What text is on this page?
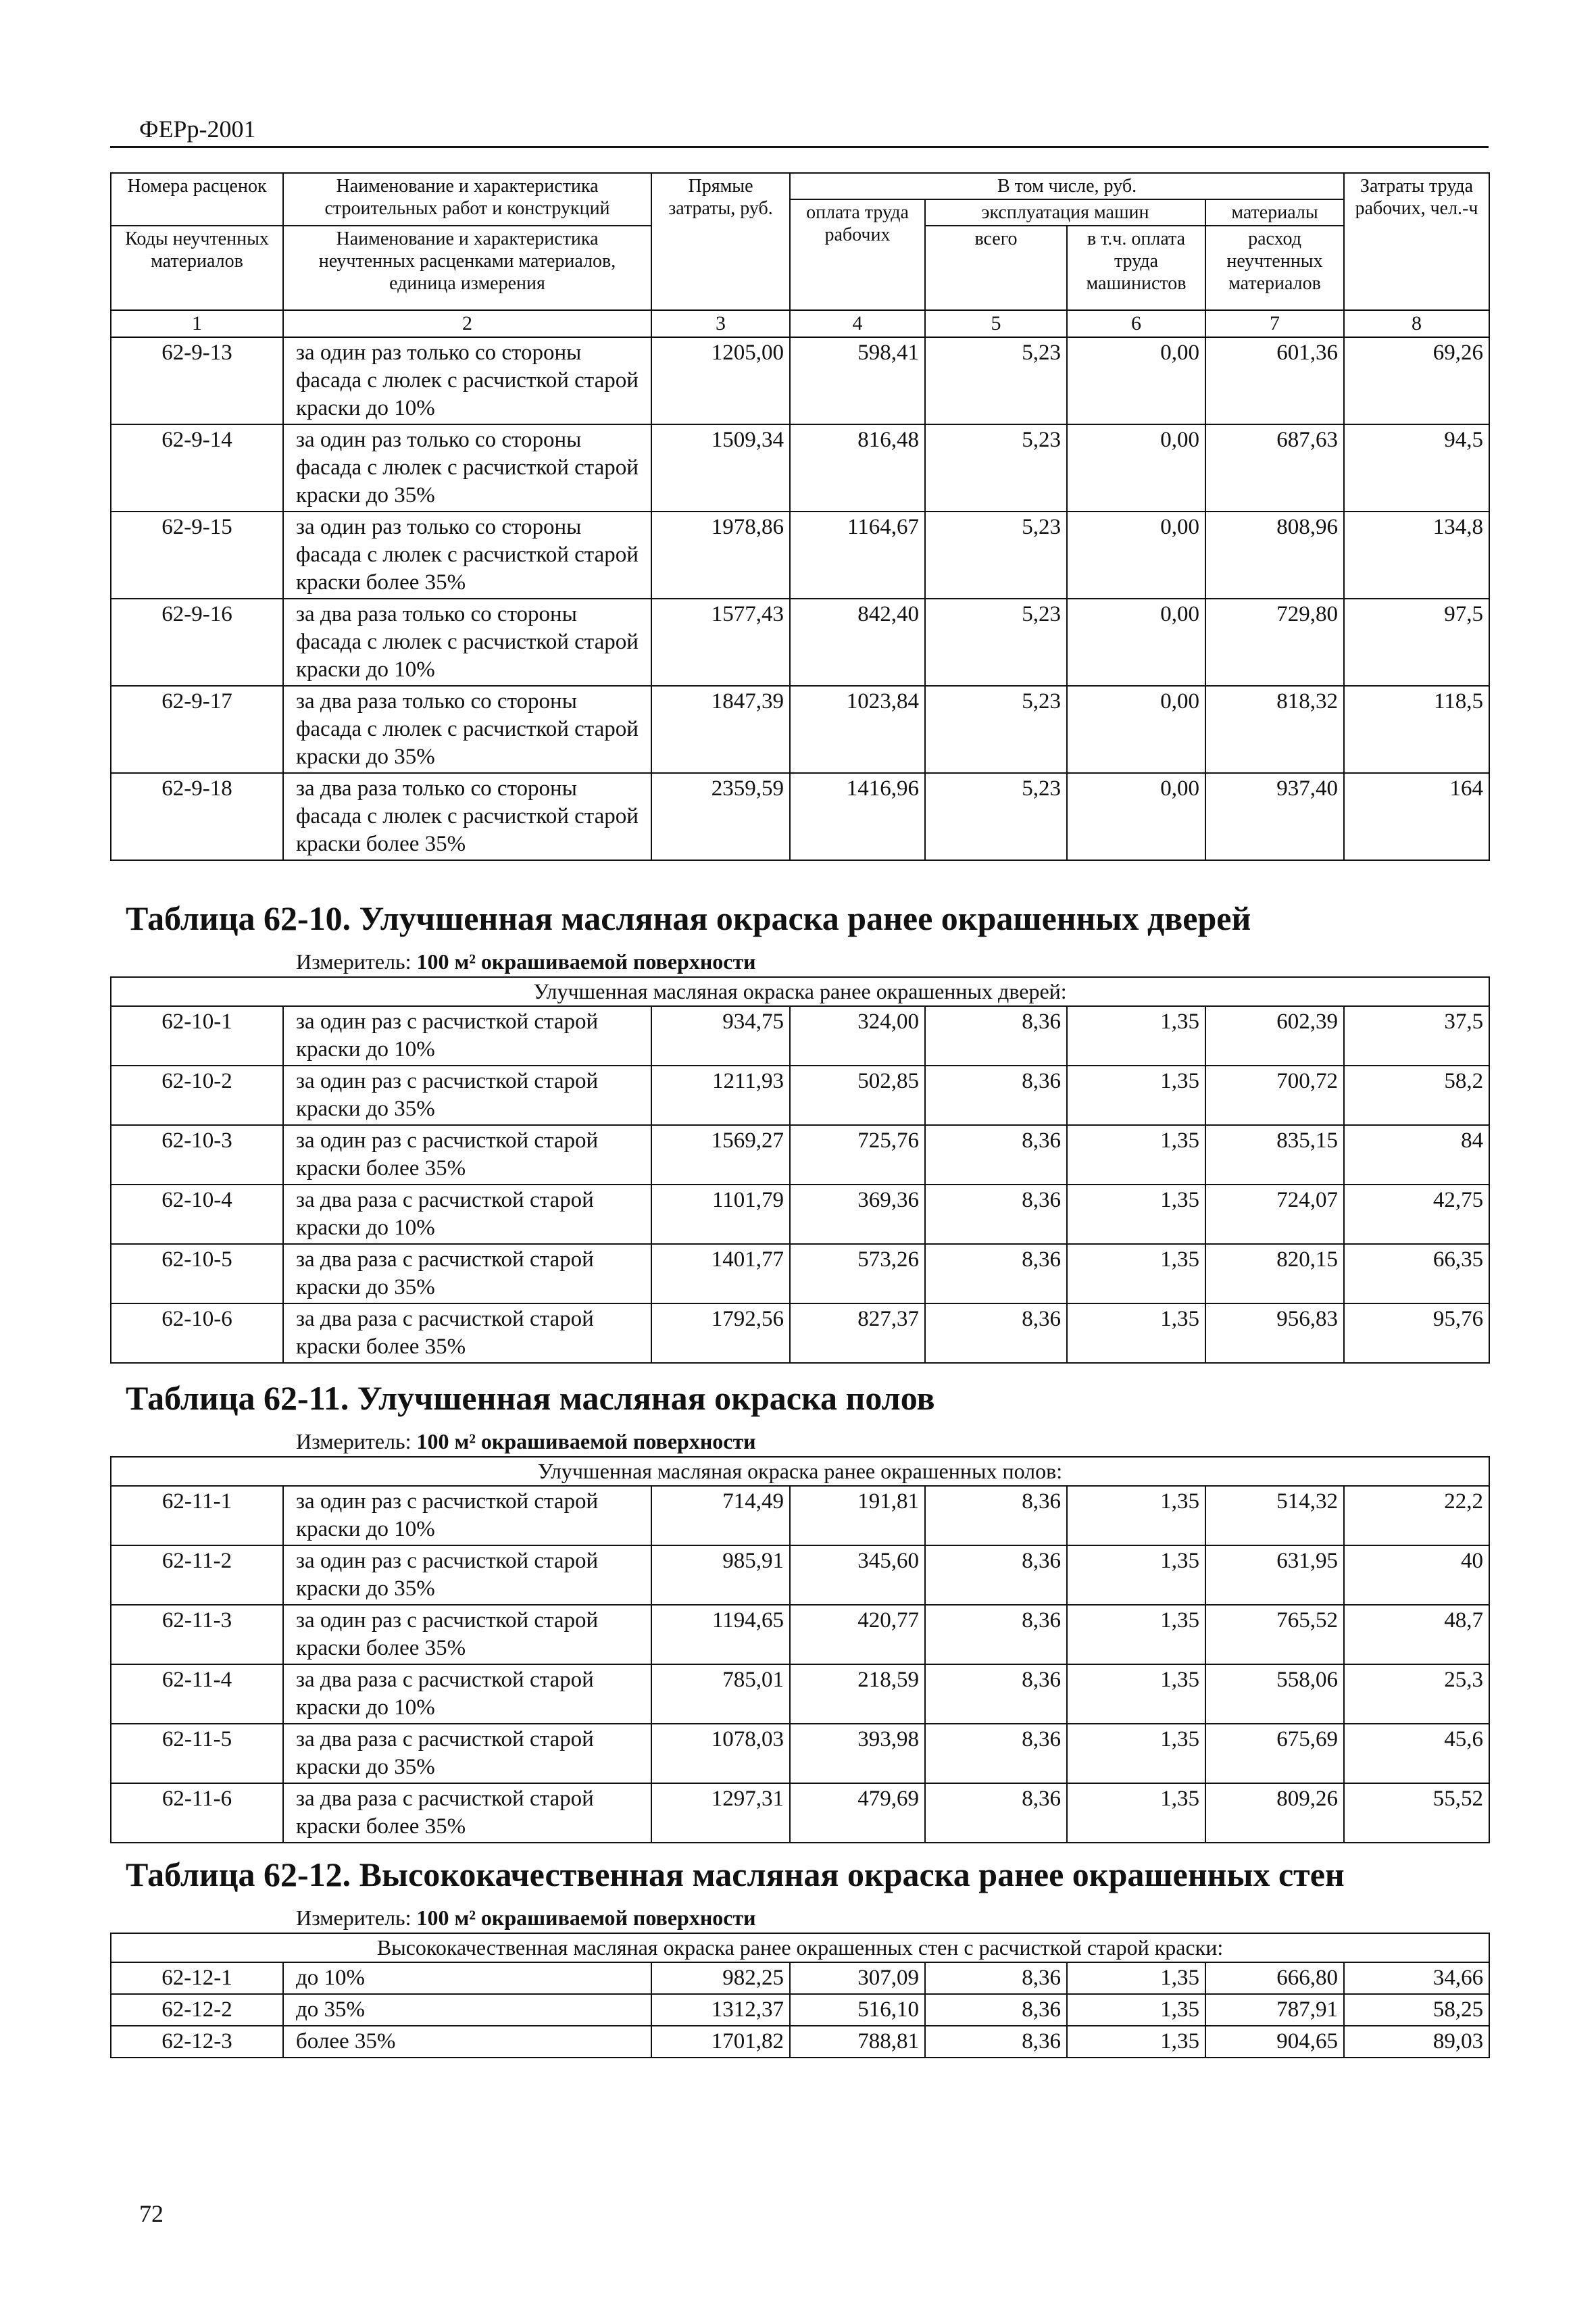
ФЕРр-2001
Номера расценок	Наименование и характеристика строительных работ и конструкций	Прямые затраты, руб.	В том числе, руб.				Затраты труда рабочих, чел.-ч
			оплата труда рабочих	эксплуатация машин		материалы	
Коды неучтенных материалов	Наименование и характеристика неучтенных расценками материалов, единица измерения			всего	в т.ч. оплата труда машинистов	расход неучтенных материалов	

1	2	3	4	5	6	7	8
62-9-13	за один раз только со стороны фасада с люлек с расчисткой старой краски до 10%	1205,00	598,41	5,23	0,00	601,36	69,26
62-9-14	за один раз только со стороны фасада с люлек с расчисткой старой краски до 35%	1509,34	816,48	5,23	0,00	687,63	94,5
62-9-15	за один раз только со стороны фасада с люлек с расчисткой старой краски более 35%	1978,86	1164,67	5,23	0,00	808,96	134,8
62-9-16	за два раза только со стороны фасада с люлек с расчисткой старой краски до 10%	1577,43	842,40	5,23	0,00	729,80	97,5
62-9-17	за два раза только со стороны фасада с люлек с расчисткой старой краски до 35%	1847,39	1023,84	5,23	0,00	818,32	118,5
62-9-18	за два раза только со стороны фасада с люлек с расчисткой старой краски более 35%	2359,59	1416,96	5,23	0,00	937,40	164
Таблица 62-10. Улучшенная масляная окраска ранее окрашенных дверей
Измеритель: 100 м² окрашиваемой поверхности
Улучшенная масляная окраска ранее окрашенных дверей:							
62-10-1	за один раз с расчисткой старой краски до 10%	934,75	324,00	8,36	1,35	602,39	37,5
62-10-2	за один раз с расчисткой старой краски до 35%	1211,93	502,85	8,36	1,35	700,72	58,2
62-10-3	за один раз с расчисткой старой краски более 35%	1569,27	725,76	8,36	1,35	835,15	84
62-10-4	за два раза с расчисткой старой краски до 10%	1101,79	369,36	8,36	1,35	724,07	42,75
62-10-5	за два раза с расчисткой старой краски до 35%	1401,77	573,26	8,36	1,35	820,15	66,35
62-10-6	за два раза с расчисткой старой краски более 35%	1792,56	827,37	8,36	1,35	956,83	95,76
Таблица 62-11. Улучшенная масляная окраска полов
Измеритель: 100 м² окрашиваемой поверхности
Улучшенная масляная окраска ранее окрашенных полов:							
62-11-1	за один раз с расчисткой старой краски до 10%	714,49	191,81	8,36	1,35	514,32	22,2
62-11-2	за один раз с расчисткой старой краски до 35%	985,91	345,60	8,36	1,35	631,95	40
62-11-3	за один раз с расчисткой старой краски более 35%	1194,65	420,77	8,36	1,35	765,52	48,7
62-11-4	за два раза с расчисткой старой краски до 10%	785,01	218,59	8,36	1,35	558,06	25,3
62-11-5	за два раза с расчисткой старой краски до 35%	1078,03	393,98	8,36	1,35	675,69	45,6
62-11-6	за два раза с расчисткой старой краски более 35%	1297,31	479,69	8,36	1,35	809,26	55,52
Таблица 62-12. Высококачественная масляная окраска ранее окрашенных стен
Измеритель: 100 м² окрашиваемой поверхности
Высококачественная масляная окраска ранее окрашенных стен с расчисткой старой краски:							
62-12-1	до 10%	982,25	307,09	8,36	1,35	666,80	34,66
62-12-2	до 35%	1312,37	516,10	8,36	1,35	787,91	58,25
62-12-3	более 35%	1701,82	788,81	8,36	1,35	904,65	89,03
72
